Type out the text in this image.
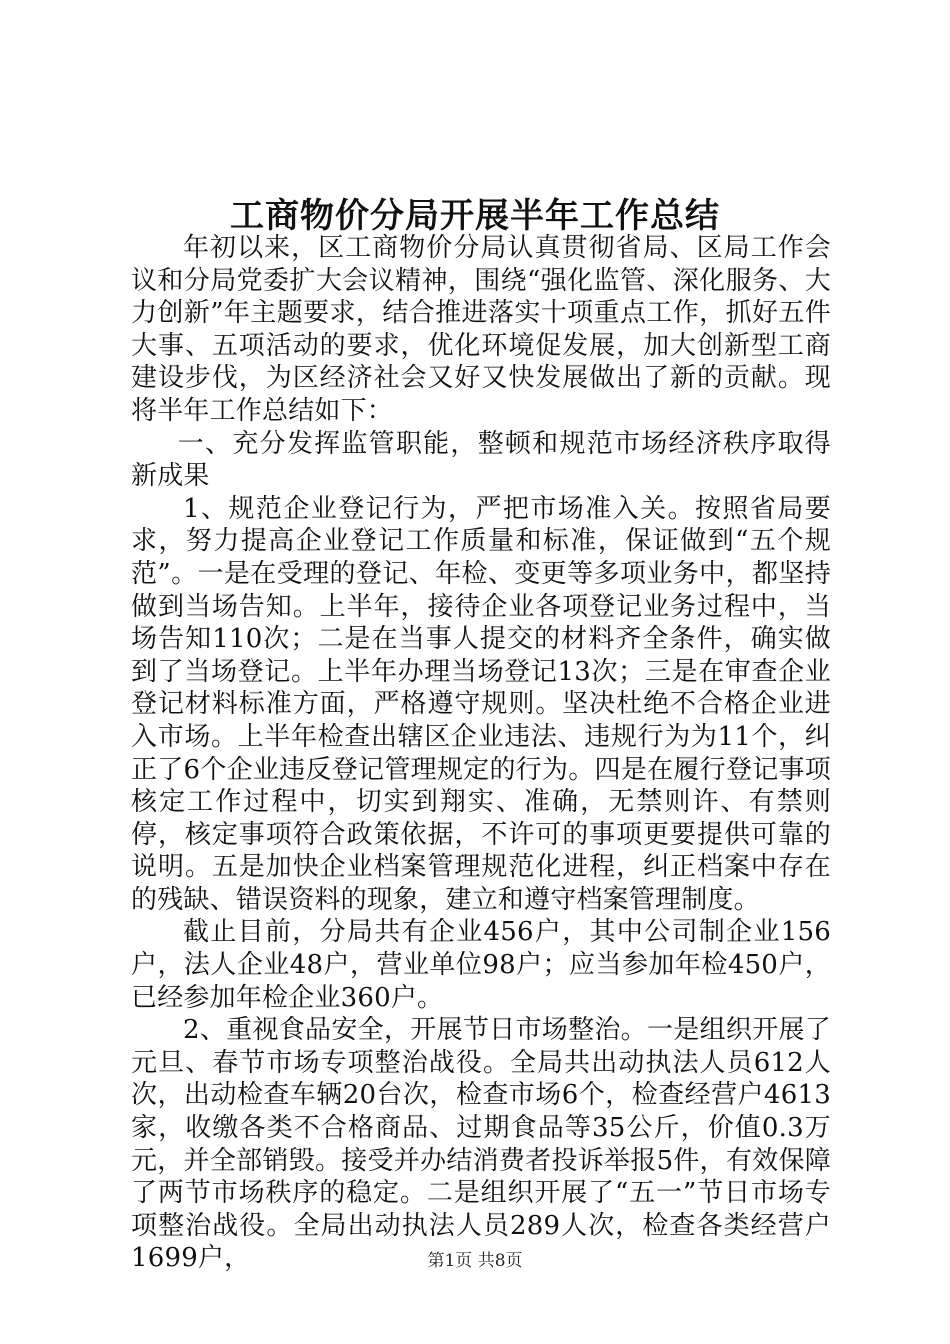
工商物价分局开展半年工作总结

年初以来，区工商物价分局认真贯彻省局、区局工作会议和分局党委扩大会议精神，围绕“强化监管、深化服务、大力创新”年主题要求，结合推进落实十项重点工作，抓好五件大事、五项活动的要求，优化环境促发展，加大创新型工商建设步伐，为区经济社会又好又快发展做出了新的贡献。现将半年工作总结如下：

一、充分发挥监管职能，整顿和规范市场经济秩序取得新成果

1、规范企业登记行为，严把市场准入关。按照省局要求，努力提高企业登记工作质量和标准，保证做到“五个规范”。一是在受理的登记、年检、变更等多项业务中，都坚持做到当场告知。上半年，接待企业各项登记业务过程中，当场告知110次；二是在当事人提交的材料齐全条件，确实做到了当场登记。上半年办理当场登记13次；三是在审查企业登记材料标准方面，严格遵守规则。坚决杜绝不合格企业进入市场。上半年检查出辖区企业违法、违规行为为11个，纠正了6个企业违反登记管理规定的行为。四是在履行登记事项核定工作过程中，切实到翔实、准确，无禁则许、有禁则停，核定事项符合政策依据，不许可的事项更要提供可靠的说明。五是加快企业档案管理规范化进程，纠正档案中存在的残缺、错误资料的现象，建立和遵守档案管理制度。

截止目前，分局共有企业456户，其中公司制企业156户，法人企业48户，营业单位98户；应当参加年检450户，已经参加年检企业360户。

2、重视食品安全，开展节日市场整治。一是组织开展了元旦、春节市场专项整治战役。全局共出动执法人员612人次，出动检查车辆20台次，检查市场6个，检查经营户4613家，收缴各类不合格商品、过期食品等35公斤，价值0.3万元，并全部销毁。接受并办结消费者投诉举报5件，有效保障了两节市场秩序的稳定。二是组织开展了“五一”节日市场专项整治战役。全局出动执法人员289人次，检查各类经营户1699户，	第1页 共8页
